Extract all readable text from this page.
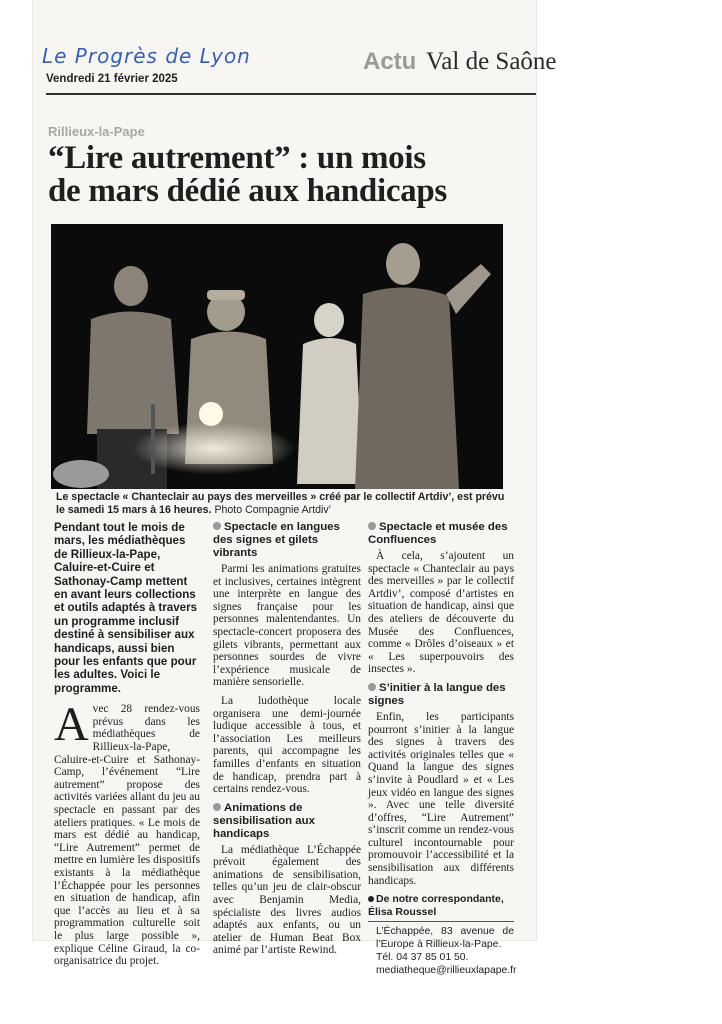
Le Progrès de Lyon
Vendredi 21 février 2025
Actu Val de Saône
Rillieux-la-Pape
“Lire autrement” : un mois
de mars dédié aux handicaps
Le spectacle « Chanteclair au pays des merveilles » créé par le collectif Artdiv’, est prévu le samedi 15 mars à 16 heures. Photo Compagnie Artdiv’
Pendant tout le mois de mars, les médiathèques de Rillieux-la-Pape, Caluire-et-Cuire et Sathonay-Camp mettent en avant leurs collections et outils adaptés à travers un programme inclusif destiné à sensibiliser aux handicaps, aussi bien pour les enfants que pour les adultes. Voici le programme.

Avec 28 rendez-vous prévus dans les médiathèques de Rillieux-la-Pape, Caluire-et-Cuire et Sathonay-Camp, l’événement “Lire autrement” propose des activités variées allant du jeu au spectacle en passant par des ateliers pratiques. « Le mois de mars est dédié au handicap, “Lire Autrement” permet de mettre en lumière les dispositifs existants à la médiathèque l’Échappée pour les personnes en situation de handicap, afin que l’accès au lieu et à sa programmation culturelle soit le plus large possible », explique Céline Giraud, la co-organisatrice du projet.

Spectacle en langues des signes et gilets vibrants

Parmi les animations gratuites et inclusives, certaines intègrent une interprète en langue des signes française pour les personnes malentendantes. Un spectacle-concert proposera des gilets vibrants, permettant aux personnes sourdes de vivre l’expérience musicale de manière sensorielle.

La ludothèque locale organisera une demi-journée ludique accessible à tous, et l’association Les meilleurs parents, qui accompagne les familles d’enfants en situation de handicap, prendra part à certains rendez-vous.

Animations de sensibilisation aux handicaps

La médiathèque L’Échappée prévoit également des animations de sensibilisation, telles qu’un jeu de clair-obscur avec Benjamin Media, spécialiste des livres audios adaptés aux enfants, ou un atelier de Human Beat Box animé par l’artiste Rewind.

Spectacle et musée des Confluences

À cela, s’ajoutent un spectacle « Chanteclair au pays des merveilles » par le collectif Artdiv’, composé d’artistes en situation de handicap, ainsi que des ateliers de découverte du Musée des Confluences, comme « Drôles d’oiseaux » et « Les superpouvoirs des insectes ».

S’initier à la langue des signes

Enfin, les participants pourront s’initier à la langue des signes à travers des activités originales telles que « Quand la langue des signes s’invite à Poudlard » et « Les jeux vidéo en langue des signes ». Avec une telle diversité d’offres, “Lire Autrement” s’inscrit comme un rendez-vous culturel incontournable pour promouvoir l’accessibilité et la sensibilisation aux différents handicaps.

De notre correspondante,
Élisa Roussel

L’Échappée, 83 avenue de l’Europe à Rillieux-la-Pape.

Tél. 04 37 85 01 50.

mediatheque@rillieuxlapape.fr
